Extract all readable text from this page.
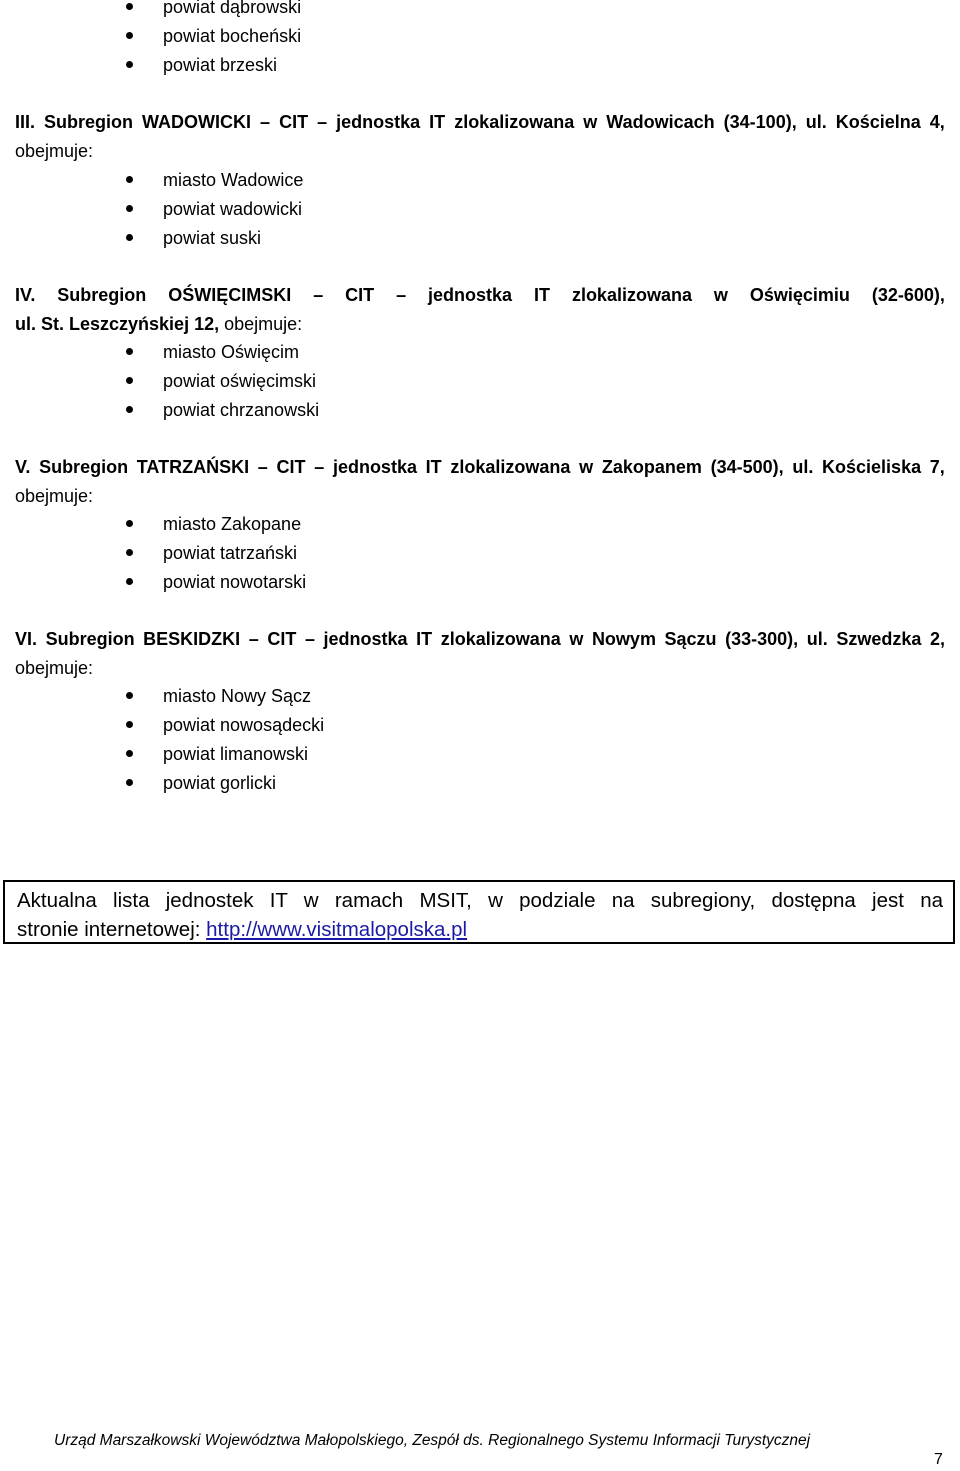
powiat dąbrowski
powiat bocheński
powiat brzeski
III. Subregion WADOWICKI – CIT – jednostka IT zlokalizowana w Wadowicach (34-100), ul. Kościelna 4,
obejmuje:
miasto Wadowice
powiat wadowicki
powiat suski
IV. Subregion OŚWIĘCIMSKI – CIT – jednostka IT zlokalizowana w Oświęcimiu (32-600),
ul. St. Leszczyńskiej 12, obejmuje:
miasto Oświęcim
powiat oświęcimski
powiat chrzanowski
V. Subregion TATRZAŃSKI – CIT – jednostka IT zlokalizowana w Zakopanem (34-500), ul. Kościeliska 7,
obejmuje:
miasto Zakopane
powiat tatrzański
powiat nowotarski
VI. Subregion BESKIDZKI – CIT – jednostka IT zlokalizowana w Nowym Sączu (33-300), ul. Szwedzka 2,
obejmuje:
miasto Nowy Sącz
powiat nowosądecki
powiat limanowski
powiat gorlicki
Aktualna lista jednostek IT w ramach MSIT, w podziale na subregiony, dostępna jest na
stronie internetowej: http://www.visitmalopolska.pl
Urząd Marszałkowski Województwa Małopolskiego, Zespół ds. Regionalnego Systemu Informacji Turystycznej
7
